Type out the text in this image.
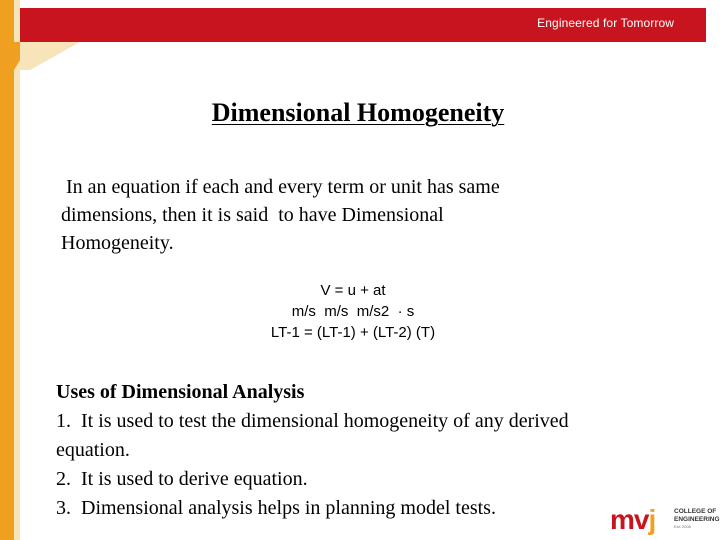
Engineered for Tomorrow
Dimensional Homogeneity
In an equation if each and every term or unit has same
dimensions, then it is said  to have Dimensional
Homogeneity.
V = u + at
m/s  m/s  m/s2  · s
LT-1 = (LT-1) + (LT-2) (T)
Uses of Dimensional Analysis
1.  It is used to test the dimensional homogeneity of any derived
equation.
2.  It is used to derive equation.
3.  Dimensional analysis helps in planning model tests.	mvj	COLLEGE OF
ENGINEERING
Est. 2006
